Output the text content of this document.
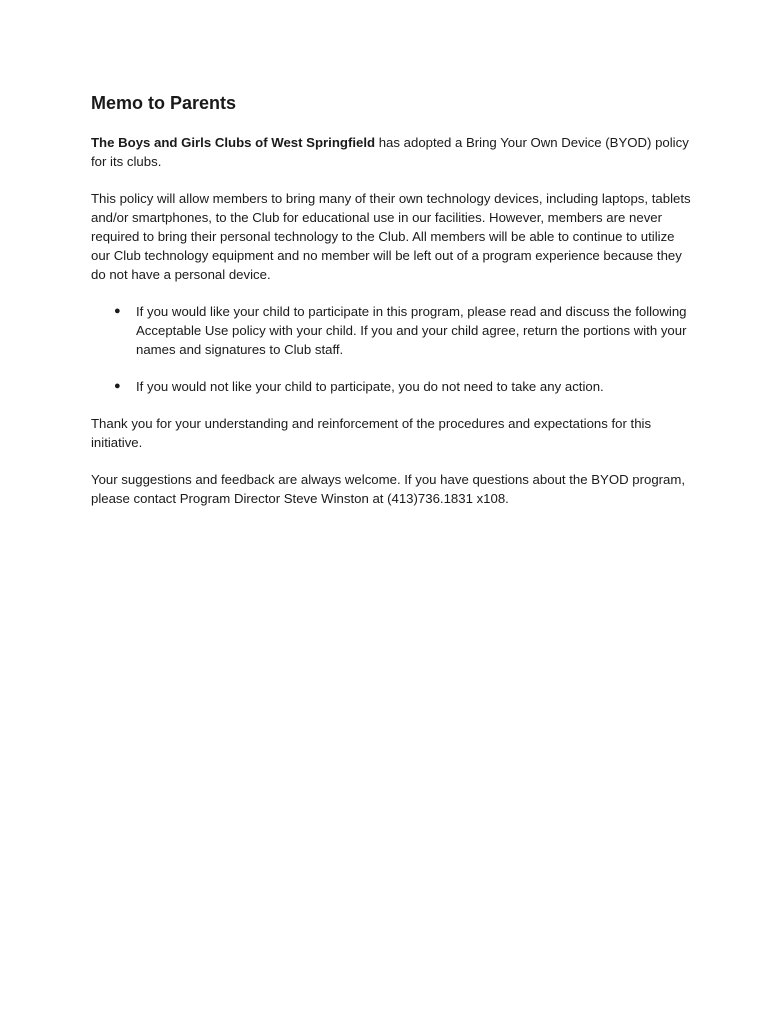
Memo to Parents

The Boys and Girls Clubs of West Springfield has adopted a Bring Your Own Device (BYOD) policy for its clubs.

This policy will allow members to bring many of their own technology devices, including laptops, tablets and/or smartphones, to the Club for educational use in our facilities. However, members are never required to bring their personal technology to the Club. All members will be able to continue to utilize our Club technology equipment and no member will be left out of a program experience because they do not have a personal device.

● If you would like your child to participate in this program, please read and discuss the following Acceptable Use policy with your child. If you and your child agree, return the portions with your names and signatures to Club staff.
● If you would not like your child to participate, you do not need to take any action.

Thank you for your understanding and reinforcement of the procedures and expectations for this initiative.

Your suggestions and feedback are always welcome. If you have questions about the BYOD program, please contact Program Director Steve Winston at (413)736.1831 x108.
